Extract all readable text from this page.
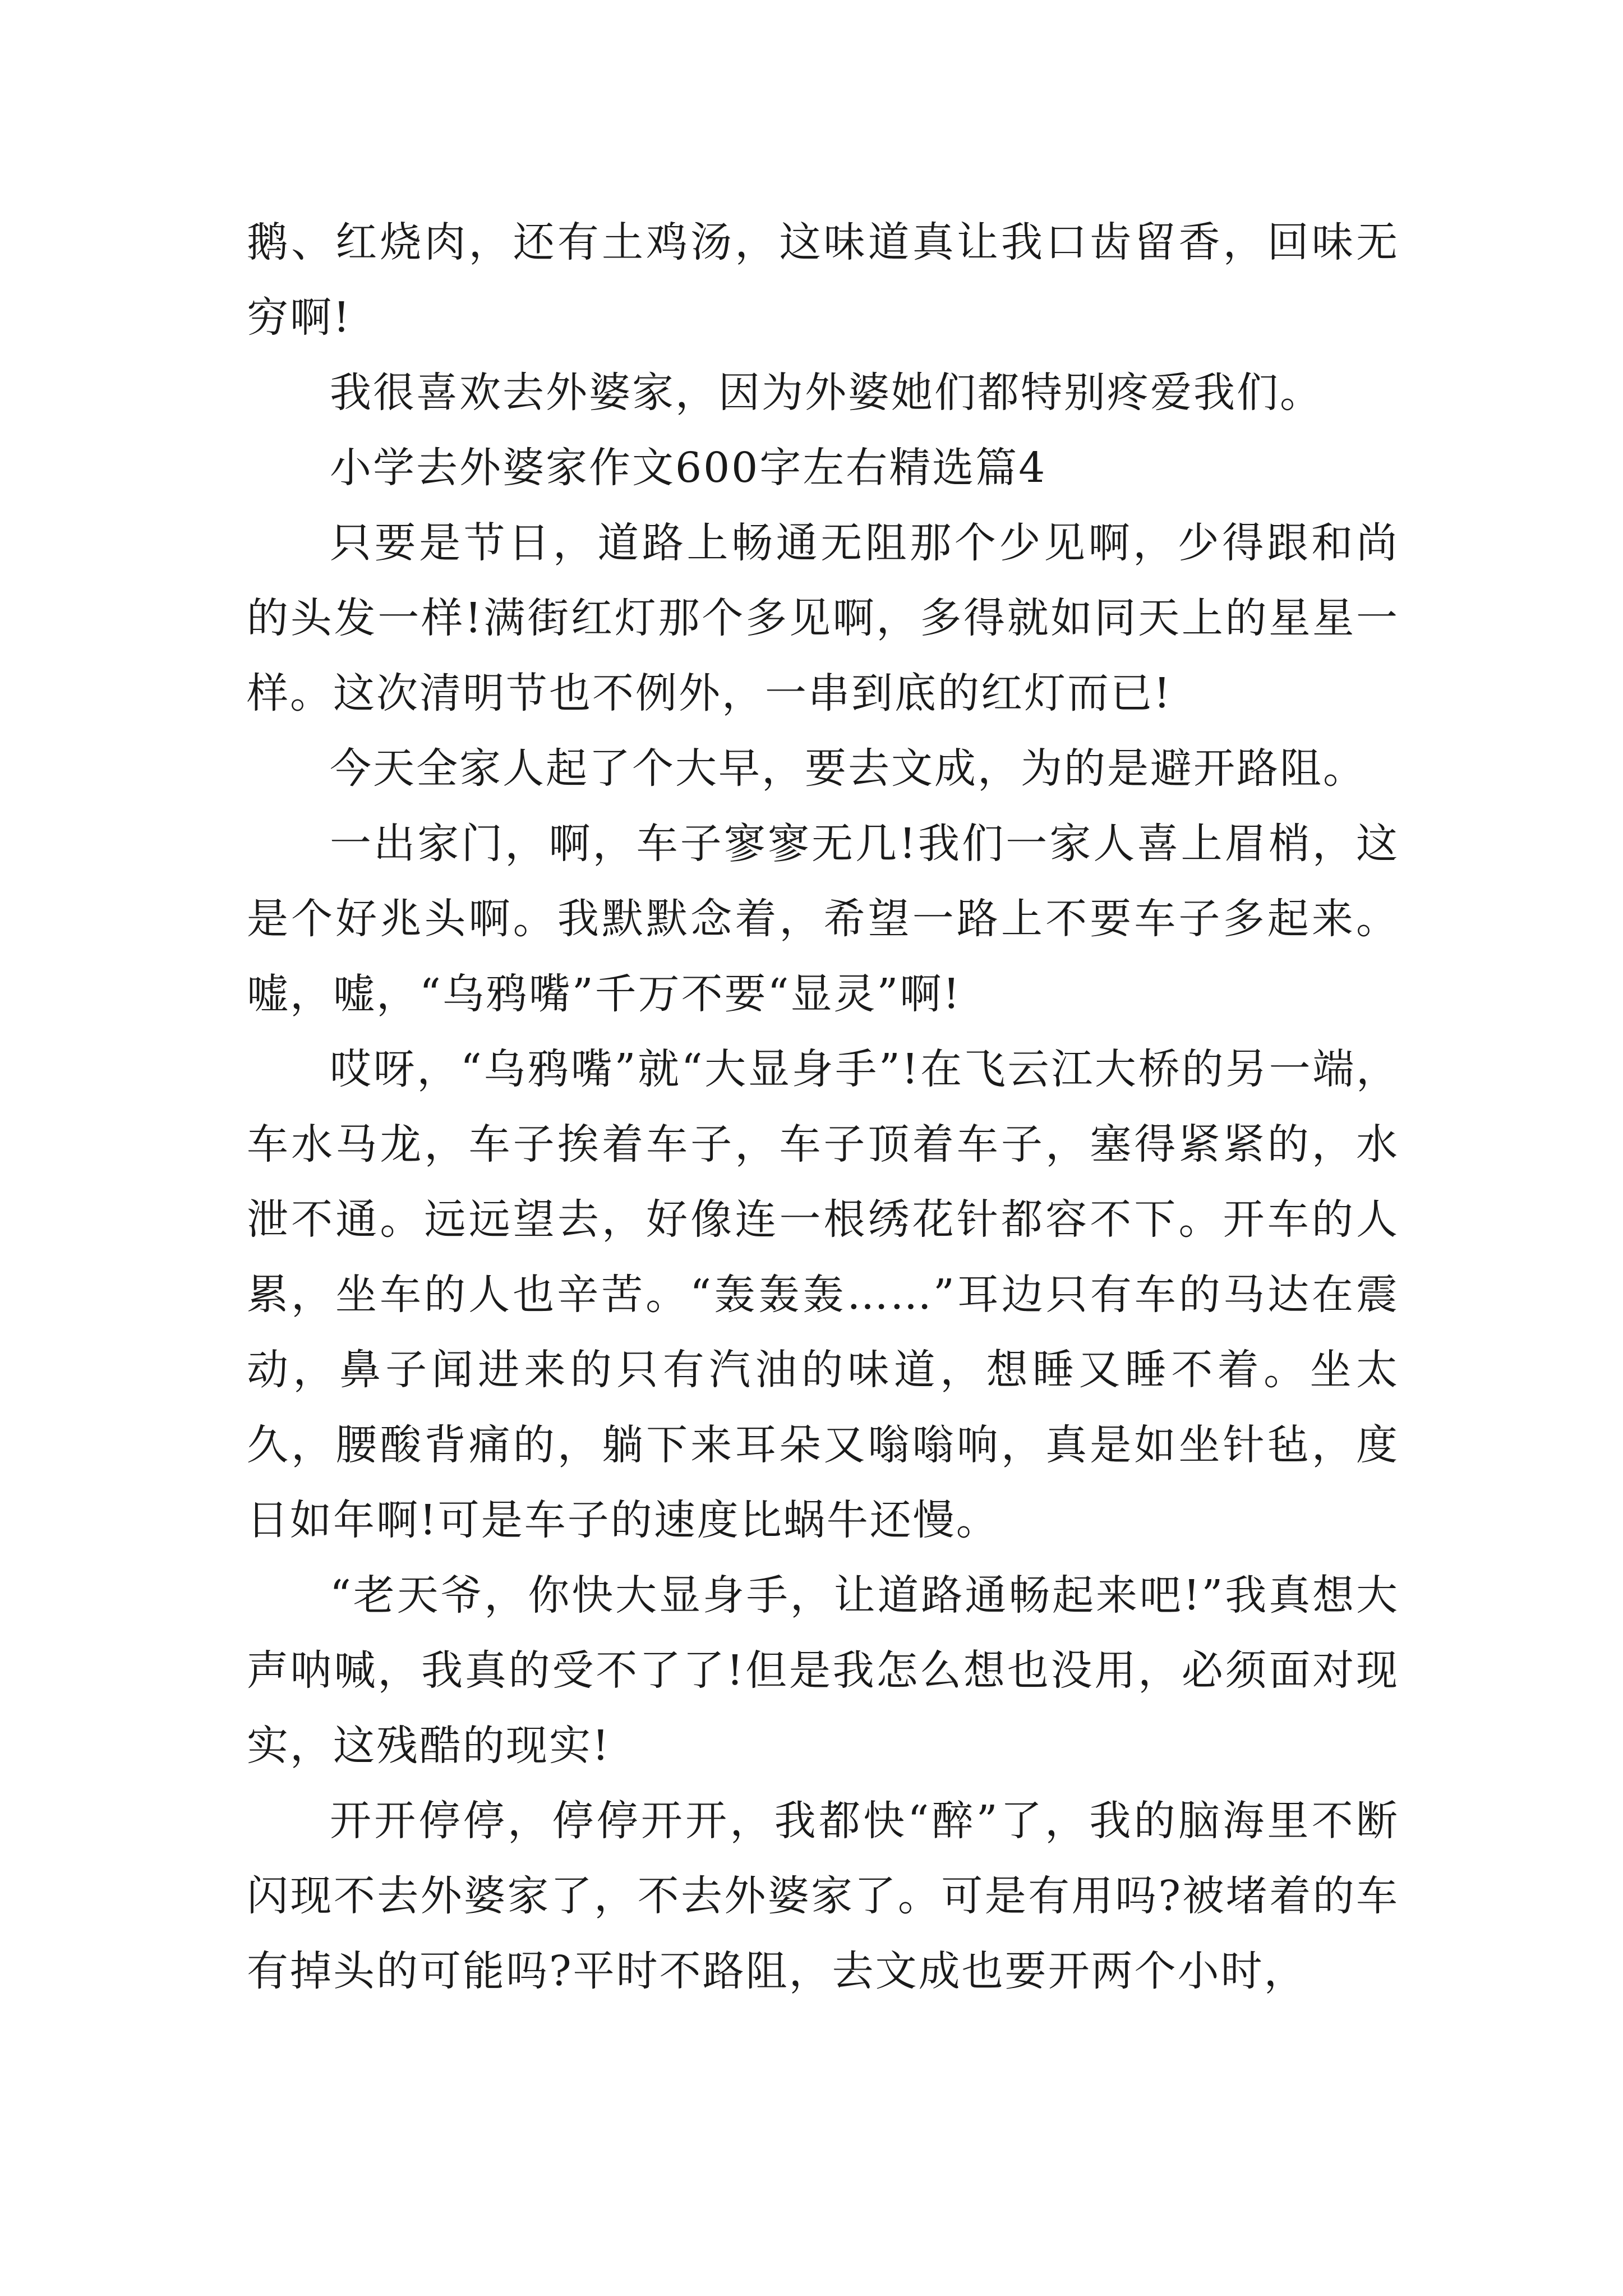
鹅、红烧肉，还有土鸡汤，这味道真让我口齿留香，回味无穷啊!

我很喜欢去外婆家，因为外婆她们都特别疼爱我们。

小学去外婆家作文600字左右精选篇4

只要是节日，道路上畅通无阻那个少见啊，少得跟和尚的头发一样!满街红灯那个多见啊，多得就如同天上的星星一样。这次清明节也不例外，一串到底的红灯而已!

今天全家人起了个大早，要去文成，为的是避开路阻。

一出家门，啊，车子寥寥无几!我们一家人喜上眉梢，这是个好兆头啊。我默默念着，希望一路上不要车子多起来。嘘，嘘，“乌鸦嘴”千万不要“显灵”啊!

哎呀，“乌鸦嘴”就“大显身手”!在飞云江大桥的另一端，车水马龙，车子挨着车子，车子顶着车子，塞得紧紧的，水泄不通。远远望去，好像连一根绣花针都容不下。开车的人累，坐车的人也辛苦。“轰轰轰……”耳边只有车的马达在震动，鼻子闻进来的只有汽油的味道，想睡又睡不着。坐太久，腰酸背痛的，躺下来耳朵又嗡嗡响，真是如坐针毡，度日如年啊!可是车子的速度比蜗牛还慢。

“老天爷，你快大显身手，让道路通畅起来吧!”我真想大声呐喊，我真的受不了了!但是我怎么想也没用，必须面对现实，这残酷的现实!

开开停停，停停开开，我都快“醉”了，我的脑海里不断闪现不去外婆家了，不去外婆家了。可是有用吗?被堵着的车有掉头的可能吗?平时不路阻，去文成也要开两个小时，
